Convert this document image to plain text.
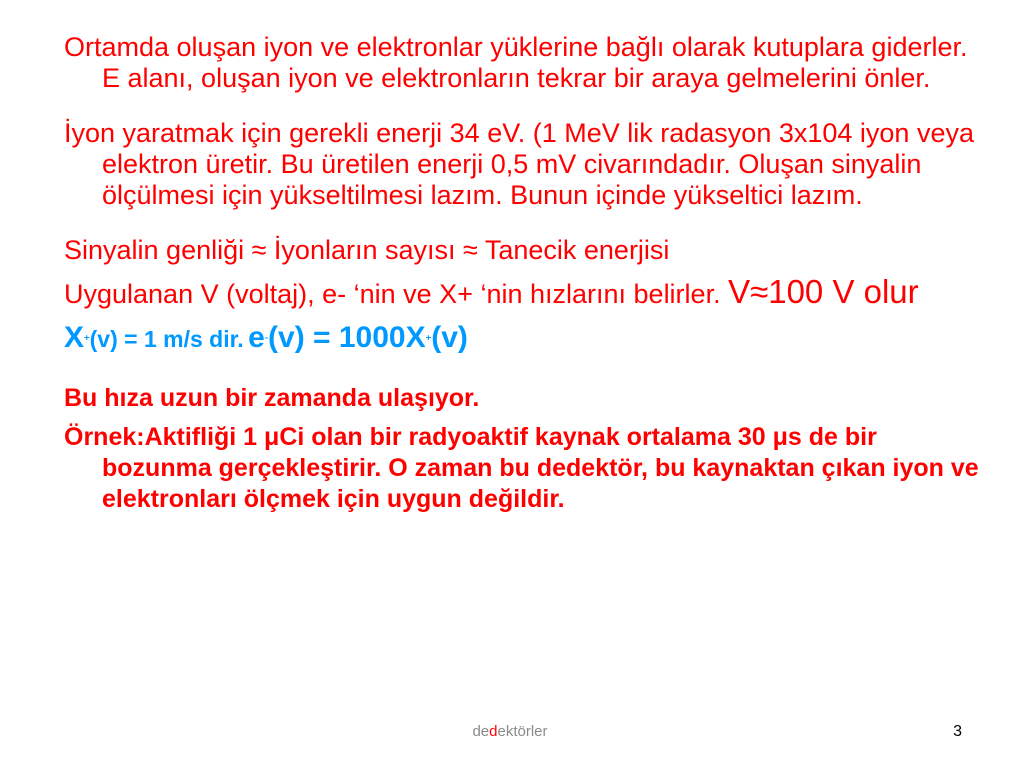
Ortamda oluşan iyon ve elektronlar yüklerine bağlı olarak kutuplara giderler. E alanı, oluşan iyon ve elektronların tekrar bir araya gelmelerini önler.

İyon yaratmak için gerekli enerji 34 eV. (1 MeV lik radasyon 3x104 iyon veya elektron üretir. Bu üretilen enerji 0,5 mV civarındadır. Oluşan sinyalin ölçülmesi için yükseltilmesi lazım. Bunun içinde yükseltici lazım.

Sinyalin genliği ≈ İyonların sayısı ≈ Tanecik enerjisi

Uygulanan V (voltaj), e- ‘nin ve X+ ‘nin hızlarını belirler. V≈100 V olur

X+(v) = 1 m/s dir. e-(v) = 1000X+(v)

Bu hıza uzun bir zamanda ulaşıyor.

Örnek:Aktifliği 1 μCi olan bir radyoaktif kaynak ortalama 30 μs de bir bozunma gerçekleştirir. O zaman bu dedektör, bu kaynaktan çıkan iyon ve elektronları ölçmek için uygun değildir.

dedektörler	3
